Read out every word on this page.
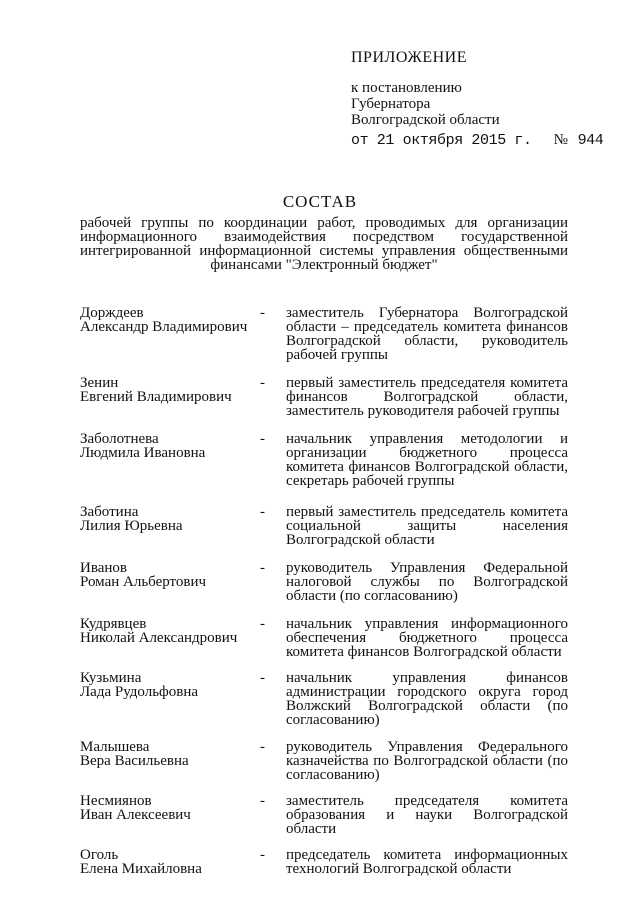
ПРИЛОЖЕНИЕ
к постановлению
Губернатора
Волгоградской области
от 21 октября 2015 г. № 944
СОСТАВ
рабочей группы по координации работ, проводимых для организации информационного взаимодействия посредством государственной интегрированной информационной системы управления общественными финансами "Электронный бюджет"
Дорждеев
Александр Владимирович
-	заместитель Губернатора Волгоградской области – председатель комитета финансов Волгоградской области, руководитель рабочей группы
Зенин
Евгений Владимирович
-	первый заместитель председателя комитета финансов Волгоградской области, заместитель руководителя рабочей группы
Заболотнева
Людмила Ивановна
-	начальник управления методологии и организации бюджетного процесса комитета финансов Волгоградской области, секретарь рабочей группы
Заботина
Лилия Юрьевна
-	первый заместитель председатель комитета социальной защиты населения Волгоградской области
Иванов
Роман Альбертович
-	руководитель Управления Федеральной налоговой службы по Волгоградской области (по согласованию)
Кудрявцев
Николай Александрович
-	начальник управления информационного обеспечения бюджетного процесса комитета финансов Волгоградской области
Кузьмина
Лада Рудольфовна
-	начальник управления финансов администрации городского округа город Волжский Волгоградской области (по согласованию)
Малышева
Вера Васильевна
-	руководитель Управления Федерального казначейства по Волгоградской области (по согласованию)
Несмиянов
Иван Алексеевич
-	заместитель председателя комитета образования и науки Волгоградской области
Оголь
Елена Михайловна
-	председатель комитета информационных технологий Волгоградской области
